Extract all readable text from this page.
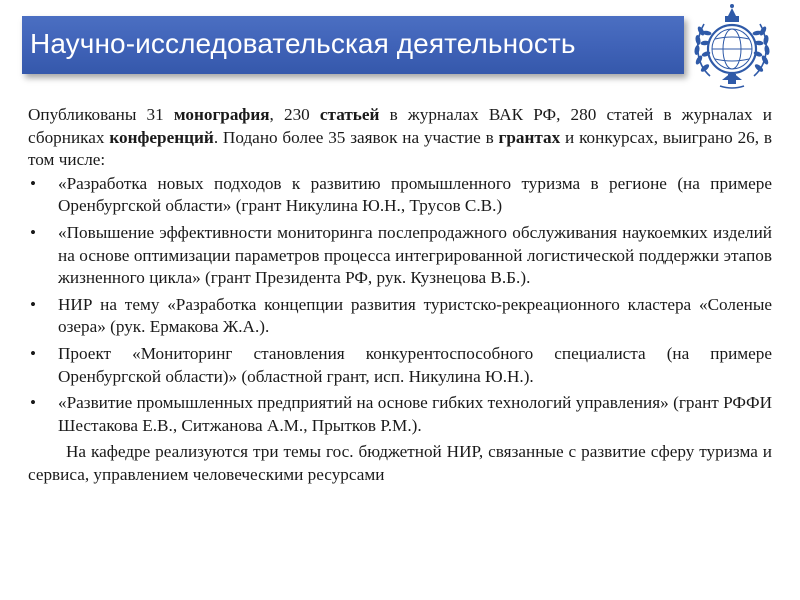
Научно-исследовательская деятельность

Опубликованы 31 монография, 230 статьей в журналах ВАК РФ, 280 статей в журналах и сборниках конференций. Подано более 35 заявок на участие в грантах и конкурсах, выиграно 26, в том числе:

• «Разработка новых подходов к развитию промышленного туризма в регионе (на примере Оренбургской области» (грант Никулина Ю.Н., Трусов С.В.)
• «Повышение эффективности мониторинга послепродажного обслуживания наукоемких изделий на основе оптимизации параметров процесса интегрированной логистической поддержки этапов жизненного цикла» (грант Президента РФ, рук. Кузнецова В.Б.).
• НИР на тему «Разработка концепции развития туристско-рекреационного кластера «Соленые озера» (рук. Ермакова Ж.А.).
• Проект «Мониторинг становления конкурентоспособного специалиста (на примере Оренбургской области)» (областной грант, исп. Никулина Ю.Н.).
• «Развитие промышленных предприятий на основе гибких технологий управления» (грант РФФИ Шестакова Е.В., Ситжанова А.М., Прытков Р.М.).

На кафедре реализуются три темы гос. бюджетной НИР, связанные с развитие сферу туризма и сервиса, управлением человеческими ресурсами
